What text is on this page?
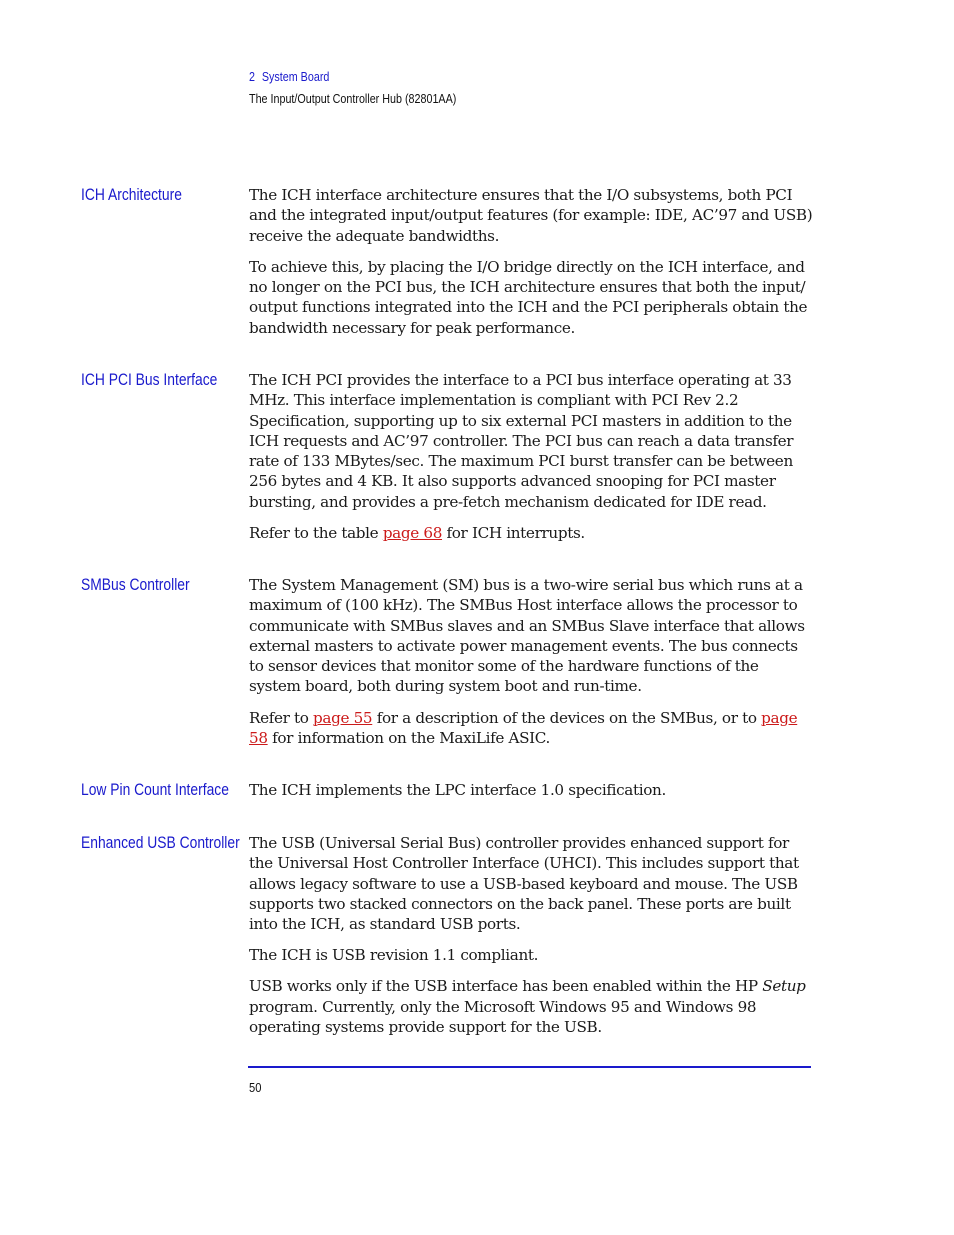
2 System Board
The Input/Output Controller Hub (82801AA)
ICH Architecture	The ICH interface architecture ensures that the I/O subsystems, both PCI and the integrated input/output features (for example: IDE, AC’97 and USB) receive the adequate bandwidths.

To achieve this, by placing the I/O bridge directly on the ICH interface, and no longer on the PCI bus, the ICH architecture ensures that both the input/ output functions integrated into the ICH and the PCI peripherals obtain the bandwidth necessary for peak performance.

ICH PCI Bus Interface The ICH PCI provides the interface to a PCI bus interface operating at 33 MHz. This interface implementation is compliant with PCI Rev 2.2 Specification, supporting up to six external PCI masters in addition to the ICH requests and AC’97 controller. The PCI bus can reach a data transfer rate of 133 MBytes/sec. The maximum PCI burst transfer can be between 256 bytes and 4 KB. It also supports advanced snooping for PCI master bursting, and provides a pre-fetch mechanism dedicated for IDE read.

Refer to the table page 68 for ICH interrupts.

SMBus Controller	The System Management (SM) bus is a two-wire serial bus which runs at a maximum of (100 kHz). The SMBus Host interface allows the processor to communicate with SMBus slaves and an SMBus Slave interface that allows external masters to activate power management events. The bus connects to sensor devices that monitor some of the hardware functions of the system board, both during system boot and run-time.

Refer to page 55 for a description of the devices on the SMBus, or to page 58 for information on the MaxiLife ASIC.

Low Pin Count Interface The ICH implements the LPC interface 1.0 specification.

Enhanced USB Controller The USB (Universal Serial Bus) controller provides enhanced support for the Universal Host Controller Interface (UHCI). This includes support that allows legacy software to use a USB-based keyboard and mouse. The USB supports two stacked connectors on the back panel. These ports are built into the ICH, as standard USB ports.

The ICH is USB revision 1.1 compliant.

USB works only if the USB interface has been enabled within the HP Setup program. Currently, only the Microsoft Windows 95 and Windows 98 operating systems provide support for the USB.

50
